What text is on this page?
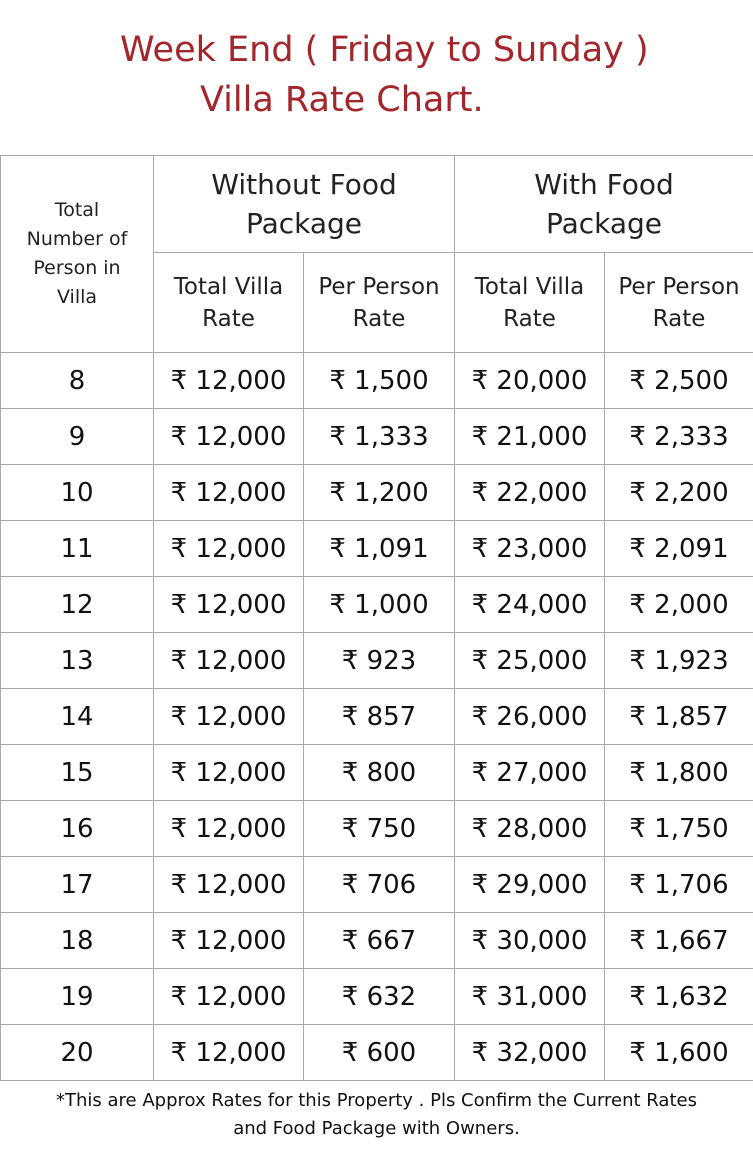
Week End ( Friday to Sunday )
Villa Rate Chart.
Total Number of Person in Villa	Without Food Package		With Food Package	
	Total Villa Rate	Per Person Rate	Total Villa Rate	Per Person Rate
8	₹ 12,000	₹ 1,500	₹ 20,000	₹ 2,500
9	₹ 12,000	₹ 1,333	₹ 21,000	₹ 2,333
10	₹ 12,000	₹ 1,200	₹ 22,000	₹ 2,200
11	₹ 12,000	₹ 1,091	₹ 23,000	₹ 2,091
12	₹ 12,000	₹ 1,000	₹ 24,000	₹ 2,000
13	₹ 12,000	₹ 923	₹ 25,000	₹ 1,923
14	₹ 12,000	₹ 857	₹ 26,000	₹ 1,857
15	₹ 12,000	₹ 800	₹ 27,000	₹ 1,800
16	₹ 12,000	₹ 750	₹ 28,000	₹ 1,750
17	₹ 12,000	₹ 706	₹ 29,000	₹ 1,706
18	₹ 12,000	₹ 667	₹ 30,000	₹ 1,667
19	₹ 12,000	₹ 632	₹ 31,000	₹ 1,632
20	₹ 12,000	₹ 600	₹ 32,000	₹ 1,600
*This are Approx Rates for this Property . Pls Confirm the Current Rates
and Food Package with Owners.
